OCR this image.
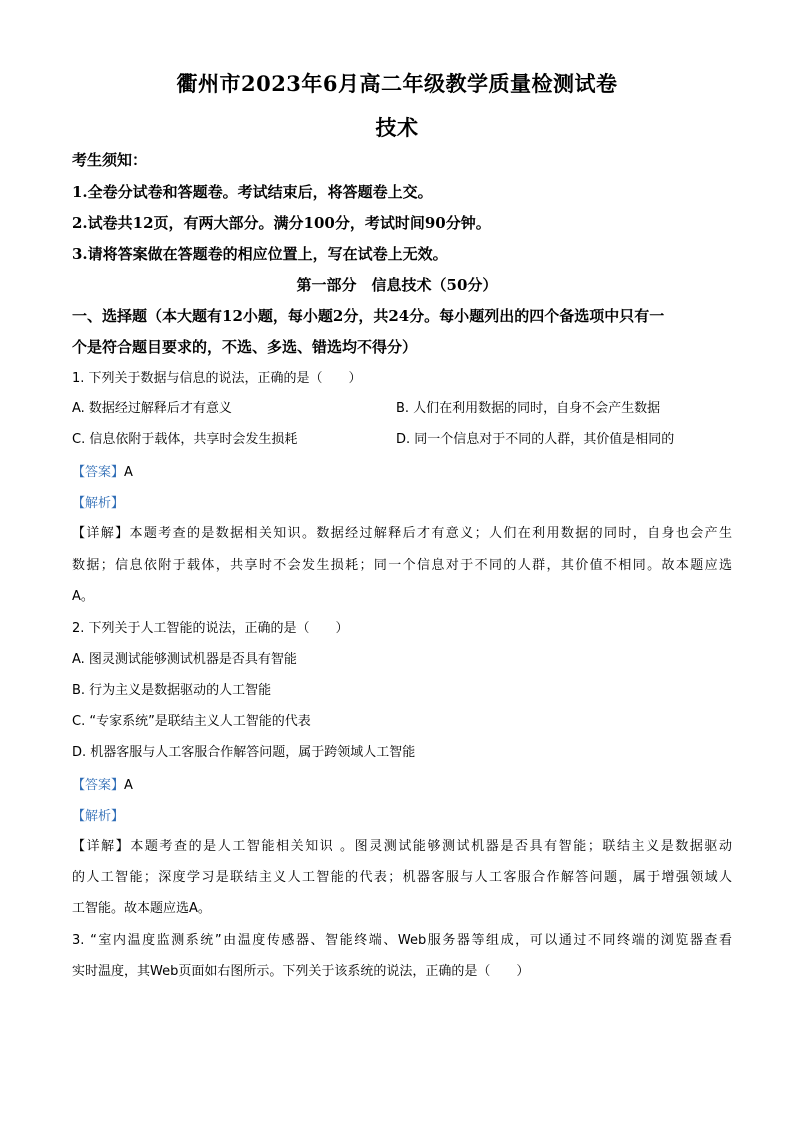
衢州市2023年6月高二年级教学质量检测试卷
技术
考生须知：
1.全卷分试卷和答题卷。考试结束后，将答题卷上交。
2.试卷共12页，有两大部分。满分100分，考试时间90分钟。
3.请将答案做在答题卷的相应位置上，写在试卷上无效。
第一部分　信息技术（50分）
一、选择题（本大题有12小题，每小题2分，共24分。每小题列出的四个备选项中只有一
个是符合题目要求的，不选、多选、错选均不得分）
1. 下列关于数据与信息的说法，正确的是（　　）
A. 数据经过解释后才有意义	B. 人们在利用数据的同时，自身不会产生数据
C. 信息依附于载体，共享时会发生损耗	D. 同一个信息对于不同的人群，其价值是相同的
【答案】A
【解析】
【详解】本题考查的是数据相关知识。数据经过解释后才有意义；人们在利用数据的同时，自身也会产生
数据；信息依附于载体，共享时不会发生损耗；同一个信息对于不同的人群，其价值不相同。故本题应选
A。
2. 下列关于人工智能的说法，正确的是（　　）
A. 图灵测试能够测试机器是否具有智能
B. 行为主义是数据驱动的人工智能
C. “专家系统”是联结主义人工智能的代表
D. 机器客服与人工客服合作解答问题，属于跨领域人工智能
【答案】A
【解析】
【详解】本题考查的是人工智能相关知识 。图灵测试能够测试机器是否具有智能；联结主义是数据驱动
的人工智能；深度学习是联结主义人工智能的代表；机器客服与人工客服合作解答问题，属于增强领域人
工智能。故本题应选A。
3. “室内温度监测系统”由温度传感器、智能终端、Web服务器等组成，可以通过不同终端的浏览器查看
实时温度，其Web页面如右图所示。下列关于该系统的说法，正确的是（　　）
